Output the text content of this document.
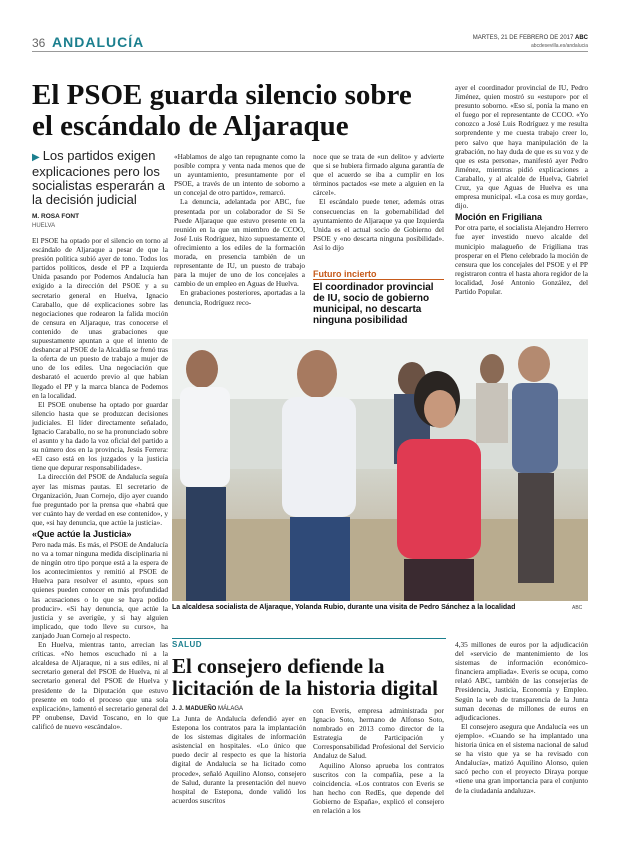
36 ANDALUCÍA	MARTES, 21 DE FEBRERO DE 2017 ABC
abcdesevilla.es/andalucia
El PSOE guarda silencio sobre
el escándalo de Aljaraque
▶ Los partidos exigen explicaciones pero los socialistas esperarán a la decisión judicial
M. ROSA FONT
HUELVA

El PSOE ha optado por el silencio en torno al escándalo de Aljaraque a pesar de que la presión política subió ayer de tono. Todos los partidos políticos, desde el PP a Izquierda Unida pasando por Podemos Andalucía han exigido a la dirección del PSOE y a su secretario general en Huelva, Ignacio Caraballo, que dé explicaciones sobre las negociaciones que rodearon la falida moción de censura en Aljaraque, tras conocerse el contenido de unas grabaciones que supuestamente apuntan a que el intento de desbancar al PSOE de la Alcaldía se frenó tras la oferta de un puesto de trabajo a mujer de uno de los ediles. Una negociación que desbarató el acuerdo previo al que habían llegado el PP y la marca blanca de Podemos en la localidad.

El PSOE onubense ha optado por guardar silencio hasta que se produzcan decisiones judiciales. El líder directamente señalado, Ignacio Caraballo, no se ha pronunciado sobre el asunto y ha dado la voz oficial del partido a su número dos en la provincia, Jesús Ferrera: «El caso está en los juzgados y la justicia tiene que depurar responsabilidades».

La dirección del PSOE de Andalucía seguía ayer las mismas pautas. El secretario de Organización, Juan Cornejo, dijo ayer cuando fue preguntado por la prensa que «habrá que ver cuánto hay de verdad en ese contenido», y que, «si hay denuncia, que actúe la justicia».

«Que actúe la Justicia»

Pero nada más. Es más, el PSOE de Andalucía no va a tomar ninguna medida disciplinaria ni de ningún otro tipo porque está a la espera de los acontecimientos y remitió al PSOE de Huelva para resolver el asunto, «pues son quienes pueden conocer en más profundidad las acusaciones o lo que se haya podido producir». «Si hay denuncia, que actúe la justicia y se averigüe, y si hay alguien implicado, que todo lleve su curso», ha zanjado Juan Cornejo al respecto.

En Huelva, mientras tanto, arrecian las críticas. «No hemos escuchado ni a la alcaldesa de Aljaraque, ni a sus ediles, ni al secretario general del PSOE de Huelva, ni al secretario general del PSOE de Huelva y presidente de la Diputación que estuvo presente en todo el proceso que una sola explicación», lamentó el secretario general del PP onubense, David Toscano, en lo que calificó de nuevo «escándalo».

«Hablamos de algo tan repugnante como la posible compra y venta nada menos que de un ayuntamiento, presuntamente por el PSOE, a través de un intento de soborno a un concejal de otro partido», remarcó.

La denuncia, adelantada por ABC, fue presentada por un colaborador de Si Se Puede Aljaraque que estuvo presente en la reunión en la que un miembro de CCOO, José Luis Rodríguez, hizo supuestamente el ofrecimiento a los ediles de la formación morada, en presencia también de un representante de IU, un puesto de trabajo para la mujer de uno de los concejales a cambio de un empleo en Aguas de Huelva.

En grabaciones posteriores, aportadas a la denuncia, Rodríguez reco-

noce que se trata de «un delito» y advierte que si se hubiera firmado alguna garantía de que el acuerdo se iba a cumplir en los términos pactados «se mete a alguien en la cárcel».

El escándalo puede tener, además otras consecuencias en la gobernabilidad del ayuntamiento de Aljaraque ya que Izquierda Unida es el actual socio de Gobierno del PSOE y «no descarta ninguna posibilidad». Así lo dijo

Futuro incierto
El coordinador provincial de IU, socio de gobierno municipal, no descarta ninguna posibilidad

ayer el coordinador provincial de IU, Pedro Jiménez, quien mostró su «estupor» por el presunto soborno. «Eso sí, ponía la mano en el fuego por el representante de CCOO. «Yo conozco a José Luis Rodríguez y me resulta sorprendente y me cuesta trabajo creer lo, pero salvo que haya manipulación de la grabación, no hay duda de que es su voz y de que es esta persona», manifestó ayer Pedro Jiménez, mientras pidió explicaciones a Caraballo, y al alcalde de Huelva, Gabriel Cruz, ya que Aguas de Huelva es una empresa municipal. «La cosa es muy gorda», dijo.

Moción en Frigiliana

Por otra parte, el socialista Alejandro Herrero fue ayer investido nuevo alcalde del municipio malagueño de Frigiliana tras prosperar en el Pleno celebrado la moción de censura que los concejales del PSOE y el PP registraron contra el hasta ahora regidor de la localidad, José Antonio González, del Partido Popular.

La alcaldesa socialista de Aljaraque, Yolanda Rubio, durante una visita de Pedro Sánchez a la localidad	ABC
SALUD
El consejero defiende la
licitación de la historia digital
J. J. MADUEÑO MÁLAGA

La Junta de Andalucía defendió ayer en Estepona los contratos para la implantación de los sistemas digitales de información asistencial en hospitales. «Lo único que puedo decir al respecto es que la historia digital de Andalucía se ha licitado como procede», señaló Aquilino Alonso, consejero de Salud, durante la presentación del nuevo hospital de Estepona, donde validó los acuerdos suscritos

con Everis, empresa administrada por Ignacio Soto, hermano de Alfonso Soto, nombrado en 2013 como director de la Estrategia de Participación y Corresponsabilidad Profesional del Servicio Andaluz de Salud.

Aquilino Alonso aprueba los contratos suscritos con la compañía, pese a la coincidencia. «Los contratos con Everis se han hecho con RedEs, que depende del Gobierno de España», explicó el consejero en relación a los

4,35 millones de euros por la adjudicación del «servicio de mantenimiento de los sistemas de información económico-financiera ampliada». Everis se ocupa, como relató ABC, también de las consejerías de Presidencia, Justicia, Economía y Empleo. Según la web de transparencia de la Junta suman decenas de millones de euros en adjudicaciones.

El consejero asegura que Andalucía «es un ejemplo». «Cuando se ha implantado una historia única en el sistema nacional de salud se ha visto que ya se ha revisado con Andalucía», matizó Aquilino Alonso, quien sacó pecho con el proyecto Diraya porque «tiene una gran importancia para el conjunto de la ciudadanía andaluza».
